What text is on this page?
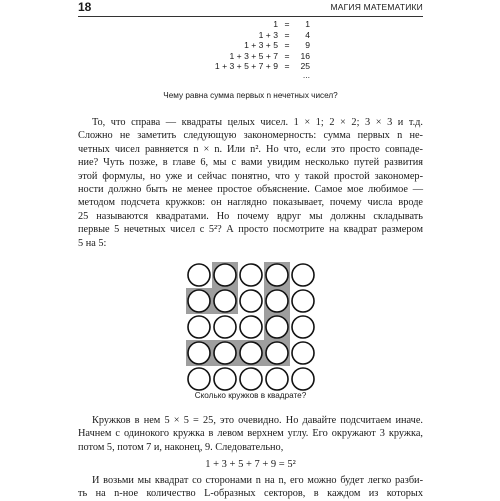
18	МАГИЯ МАТЕМАТИКИ
1 =	1
1 + 3 =	4
1 + 3 + 5 =	9
1 + 3 + 5 + 7 =	16
1 + 3 + 5 + 7 + 9 =	25
...
Чему равна сумма первых n нечетных чисел?
То, что справа — квадраты целых чисел. 1 × 1; 2 × 2; 3 × 3 и т.д.
Сложно не заметить следующую закономерность: сумма первых n не-
четных чисел равняется n × n. Или n². Но что, если это просто совпаде-
ние? Чуть позже, в главе 6, мы с вами увидим несколько путей развития
этой формулы, но уже и сейчас понятно, что у такой простой закономер-
ности должно быть не менее простое объяснение. Самое мое любимое —
методом подсчета кружков: он наглядно показывает, почему числа вроде
25 называются квадратами. Но почему вдруг мы должны складывать
первые 5 нечетных чисел с 5²? А просто посмотрите на квадрат размером
5 на 5:
Сколько кружков в квадрате?
Кружков в нем 5 × 5 = 25, это очевидно. Но давайте подсчитаем иначе.
Начнем с одинокого кружка в левом верхнем углу. Его окружают 3 кружка,
потом 5, потом 7 и, наконец, 9. Следовательно,
1 + 3 + 5 + 7 + 9 = 5²
И возьми мы квадрат со сторонами n на n, его можно будет легко разби-
ть на n-ное количество L-образных секторов, в каждом из которых
